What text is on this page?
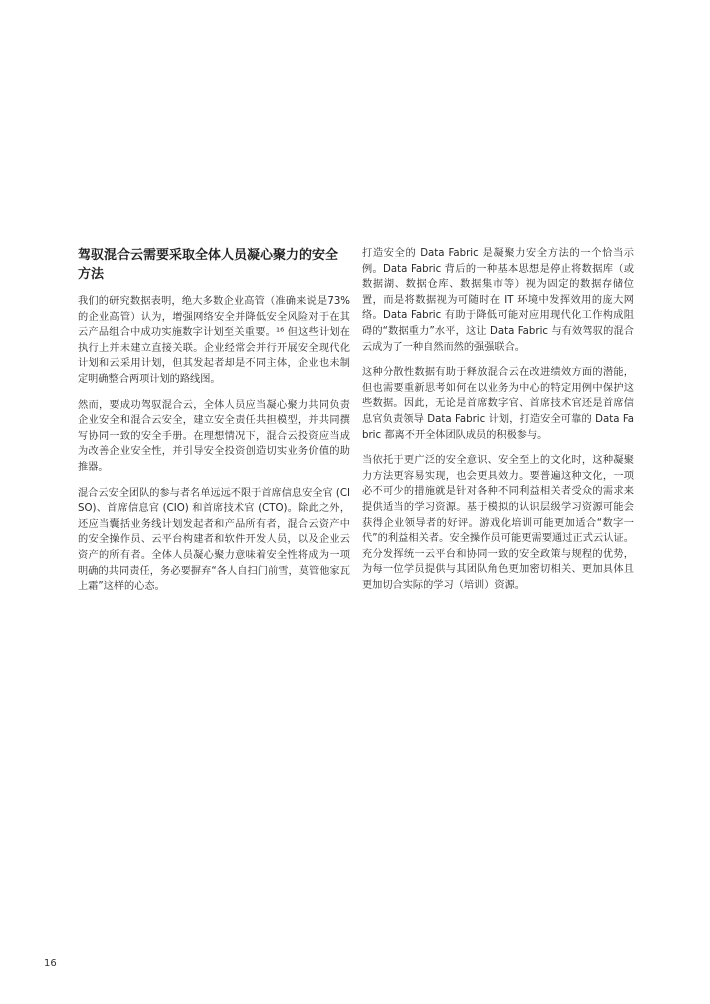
驾驭混合云需要采取全体人员凝心聚力的安全方法

我们的研究数据表明，绝大多数企业高管（准确来说是73% 的企业高管）认为，增强网络安全并降低安全风险对于在其云产品组合中成功实施数字计划至关重要。¹⁶ 但这些计划在执行上并未建立直接关联。企业经常会并行开展安全现代化计划和云采用计划，但其发起者却是不同主体，企业也未制定明确整合两项计划的路线图。

然而，要成功驾驭混合云，全体人员应当凝心聚力共同负责企业安全和混合云安全，建立安全责任共担模型，并共同撰写协同一致的安全手册。在理想情况下，混合云投资应当成为改善企业安全性，并引导安全投资创造切实业务价值的助推器。

混合云安全团队的参与者名单远远不限于首席信息安全官 (CISO)、首席信息官 (CIO) 和首席技术官 (CTO)。除此之外，还应当囊括业务线计划发起者和产品所有者，混合云资产中的安全操作员、云平台构建者和软件开发人员，以及企业云资产的所有者。全体人员凝心聚力意味着安全性将成为一项明确的共同责任，务必要摒弃“各人自扫门前雪，莫管他家瓦上霜”这样的心态。

打造安全的 Data Fabric 是凝聚力安全方法的一个恰当示例。Data Fabric 背后的一种基本思想是停止将数据库（或数据湖、数据仓库、数据集市等）视为固定的数据存储位置，而是将数据视为可随时在 IT 环境中发挥效用的庞大网络。Data Fabric 有助于降低可能对应用现代化工作构成阻碍的“数据重力”水平，这让 Data Fabric 与有效驾驭的混合云成为了一种自然而然的强强联合。

这种分散性数据有助于释放混合云在改进绩效方面的潜能，但也需要重新思考如何在以业务为中心的特定用例中保护这些数据。因此，无论是首席数字官、首席技术官还是首席信息官负责领导 Data Fabric 计划，打造安全可靠的 Data Fabric 都离不开全体团队成员的积极参与。

当依托于更广泛的安全意识、安全至上的文化时，这种凝聚力方法更容易实现，也会更具效力。要普遍这种文化，一项必不可少的措施就是针对各种不同利益相关者受众的需求来提供适当的学习资源。基于模拟的认识层级学习资源可能会获得企业领导者的好评。游戏化培训可能更加适合“数字一代”的利益相关者。安全操作员可能更需要通过正式云认证。充分发挥统一云平台和协同一致的安全政策与规程的优势，为每一位学员提供与其团队角色更加密切相关、更加具体且更加切合实际的学习（培训）资源。

16
